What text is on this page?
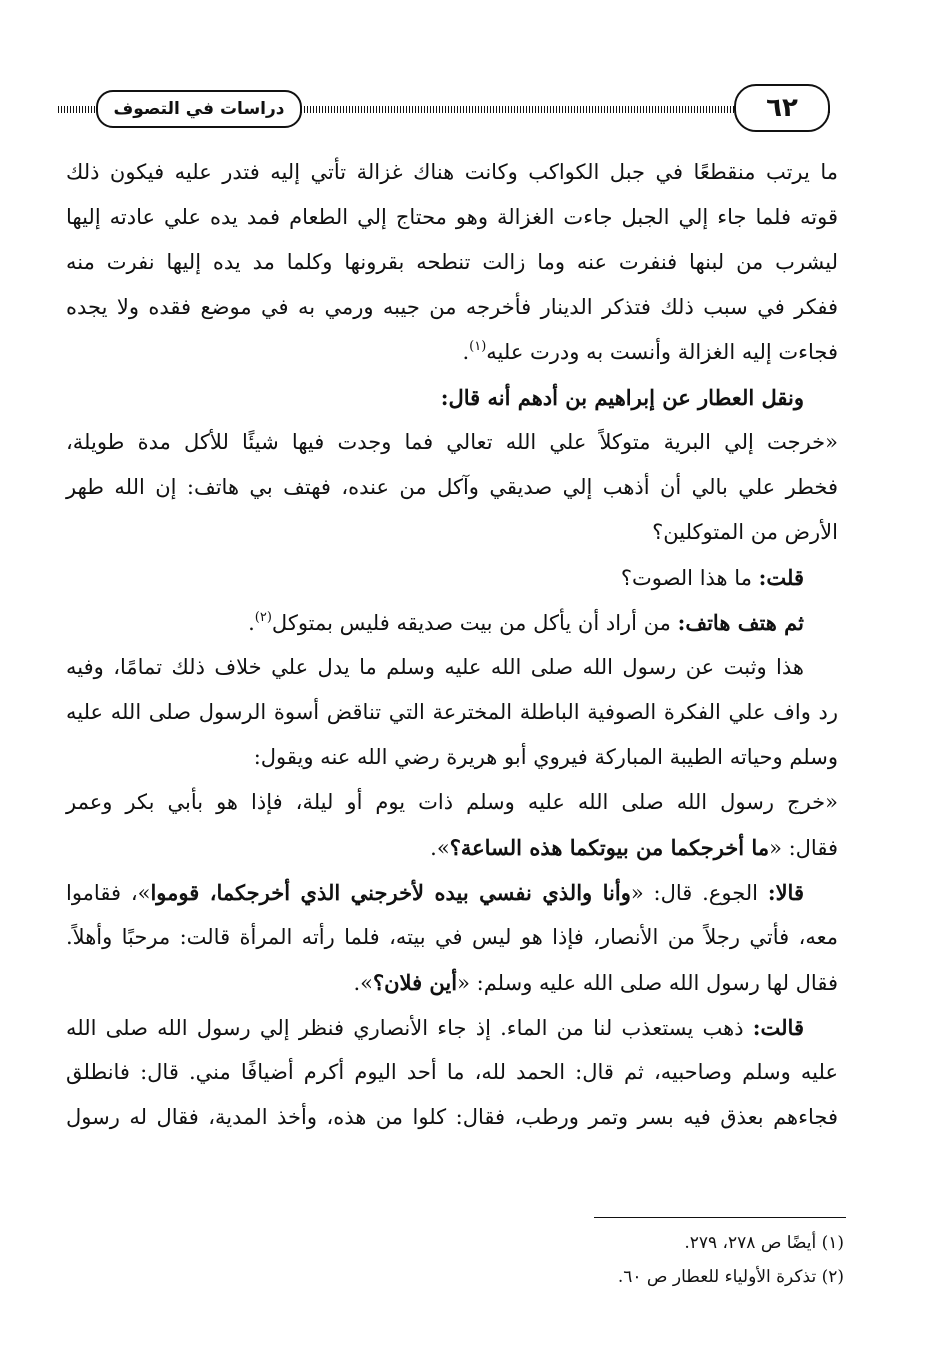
٦٢
دراسات في التصوف
ما يرتب منقطعًا في جبل الكواكب وكانت هناك غزالة تأتي إليه فتدر عليه فيكون ذلك
قوته فلما جاء إلي الجبل جاءت الغزالة وهو محتاج إلي الطعام فمد يده علي عادته إليها
ليشرب من لبنها فنفرت عنه وما زالت تنطحه بقرونها وكلما مد يده إليها نفرت منه
ففكر في سبب ذلك فتذكر الدينار فأخرجه من جيبه ورمي به في موضع فقده ولا يجده
فجاءت إليه الغزالة وأنست به ودرت عليه$^{(١)}$.
ونقل العطار عن إبراهيم بن أدهم أنه قال:
«خرجت إلي البرية متوكلاً علي الله تعالي فما وجدت فيها شيئًا للأكل مدة طويلة،
فخطر علي بالي أن أذهب إلي صديقي وآكل من عنده، فهتف بي هاتف: إن الله طهر
الأرض من المتوكلين؟
قلت: ما هذا الصوت؟
ثم هتف هاتف: من أراد أن يأكل من بيت صديقه فليس بمتوكل$^{(٢)}$.
هذا وثبت عن رسول الله صلى الله عليه وسلم ما يدل علي خلاف ذلك تمامًا، وفيه
رد واف علي الفكرة الصوفية الباطلة المخترعة التي تناقض أسوة الرسول صلى الله عليه
وسلم وحياته الطيبة المباركة فيروي أبو هريرة رضي الله عنه ويقول:
«خرج رسول الله صلى الله عليه وسلم ذات يوم أو ليلة، فإذا هو بأبي بكر وعمر
فقال: «ما أخرجكما من بيوتكما هذه الساعة؟».
قالا: الجوع. قال: «وأنا والذي نفسي بيده لأخرجني الذي أخرجكما، قوموا»، فقاموا
معه، فأتي رجلاً من الأنصار، فإذا هو ليس في بيته، فلما رأته المرأة قالت: مرحبًا وأهلاً.
فقال لها رسول الله صلى الله عليه وسلم: «أين فلان؟».
قالت: ذهب يستعذب لنا من الماء. إذ جاء الأنصاري فنظر إلي رسول الله صلى الله
عليه وسلم وصاحبيه، ثم قال: الحمد لله، ما أحد اليوم أكرم أضيافًا مني. قال: فانطلق
فجاءهم بعذق فيه بسر وتمر ورطب، فقال: كلوا من هذه، وأخذ المدية، فقال له رسول
(١) أيضًا ص ٢٧٨، ٢٧٩.
(٢) تذكرة الأولياء للعطار ص ٦٠.
